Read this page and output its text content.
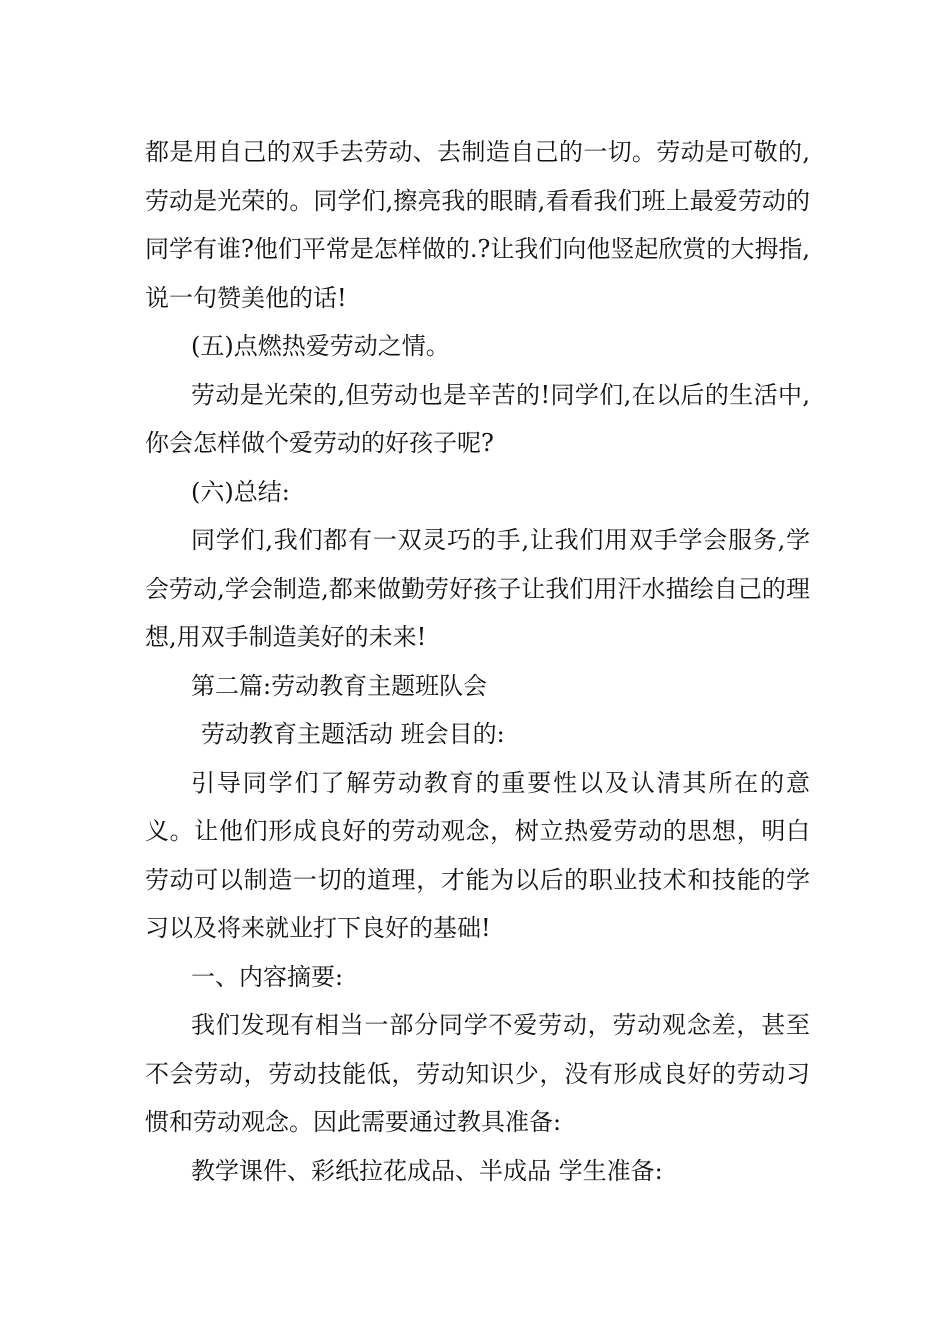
都是用自己的双手去劳动、去制造自己的一切。劳动是可敬的,劳动是光荣的。同学们,擦亮我的眼睛,看看我们班上最爱劳动的同学有谁?他们平常是怎样做的.?让我们向他竖起欣赏的大拇指,说一句赞美他的话!

(五)点燃热爱劳动之情。

劳动是光荣的,但劳动也是辛苦的!同学们,在以后的生活中,你会怎样做个爱劳动的好孩子呢?

(六)总结:

同学们,我们都有一双灵巧的手,让我们用双手学会服务,学会劳动,学会制造,都来做勤劳好孩子让我们用汗水描绘自己的理想,用双手制造美好的未来!

第二篇:劳动教育主题班队会

劳动教育主题活动 班会目的:

引导同学们了解劳动教育的重要性以及认清其所在的意义。让他们形成良好的劳动观念，树立热爱劳动的思想，明白劳动可以制造一切的道理，才能为以后的职业技术和技能的学习以及将来就业打下良好的基础!

一、内容摘要:

我们发现有相当一部分同学不爱劳动，劳动观念差，甚至不会劳动，劳动技能低，劳动知识少，没有形成良好的劳动习惯和劳动观念。因此需要通过教具准备:

教学课件、彩纸拉花成品、半成品 学生准备:
